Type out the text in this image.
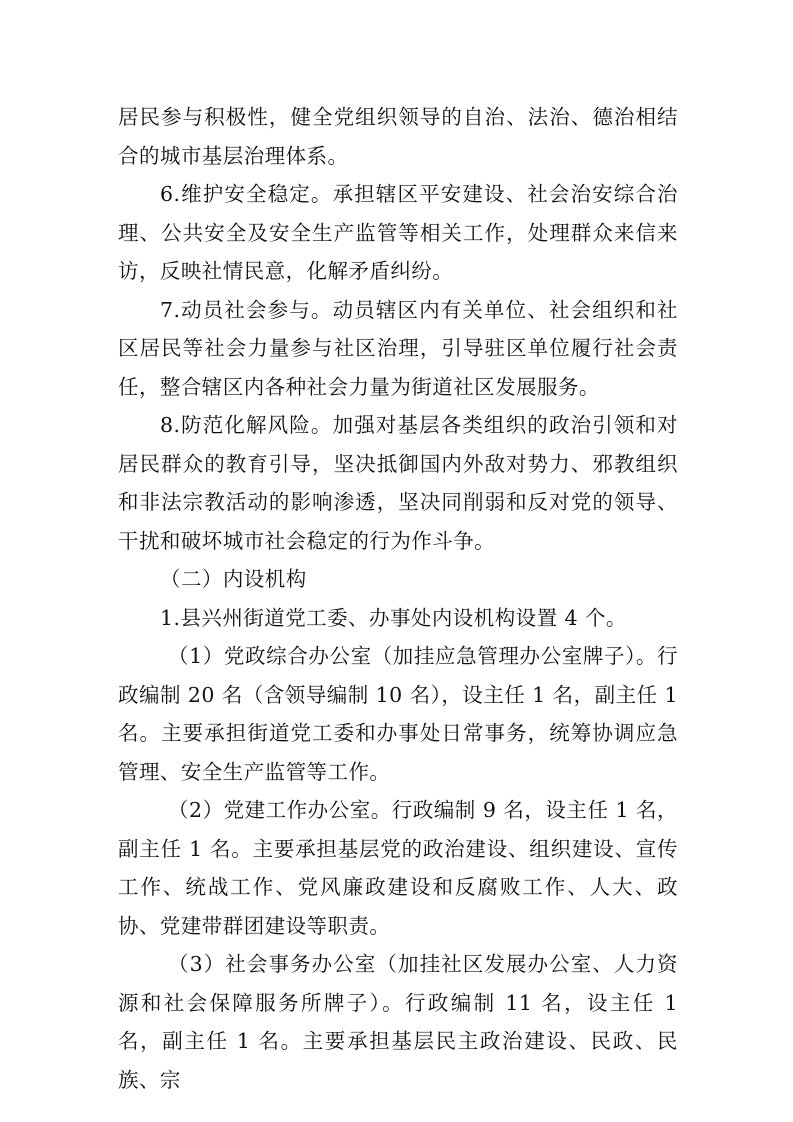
居民参与积极性，健全党组织领导的自治、法治、德治相结合的城市基层治理体系。

6.维护安全稳定。承担辖区平安建设、社会治安综合治理、公共安全及安全生产监管等相关工作，处理群众来信来访，反映社情民意，化解矛盾纠纷。

7.动员社会参与。动员辖区内有关单位、社会组织和社区居民等社会力量参与社区治理，引导驻区单位履行社会责任，整合辖区内各种社会力量为街道社区发展服务。

8.防范化解风险。加强对基层各类组织的政治引领和对居民群众的教育引导，坚决抵御国内外敌对势力、邪教组织和非法宗教活动的影响渗透，坚决同削弱和反对党的领导、干扰和破坏城市社会稳定的行为作斗争。

（二）内设机构

1.县兴州街道党工委、办事处内设机构设置 4 个。

（1）党政综合办公室（加挂应急管理办公室牌子）。行政编制 20 名（含领导编制 10 名），设主任 1 名，副主任 1 名。主要承担街道党工委和办事处日常事务，统筹协调应急管理、安全生产监管等工作。

（2）党建工作办公室。行政编制 9 名，设主任 1 名，副主任 1 名。主要承担基层党的政治建设、组织建设、宣传工作、统战工作、党风廉政建设和反腐败工作、人大、政协、党建带群团建设等职责。

（3）社会事务办公室（加挂社区发展办公室、人力资源和社会保障服务所牌子）。行政编制 11 名，设主任 1 名，副主任 1 名。主要承担基层民主政治建设、民政、民族、宗
